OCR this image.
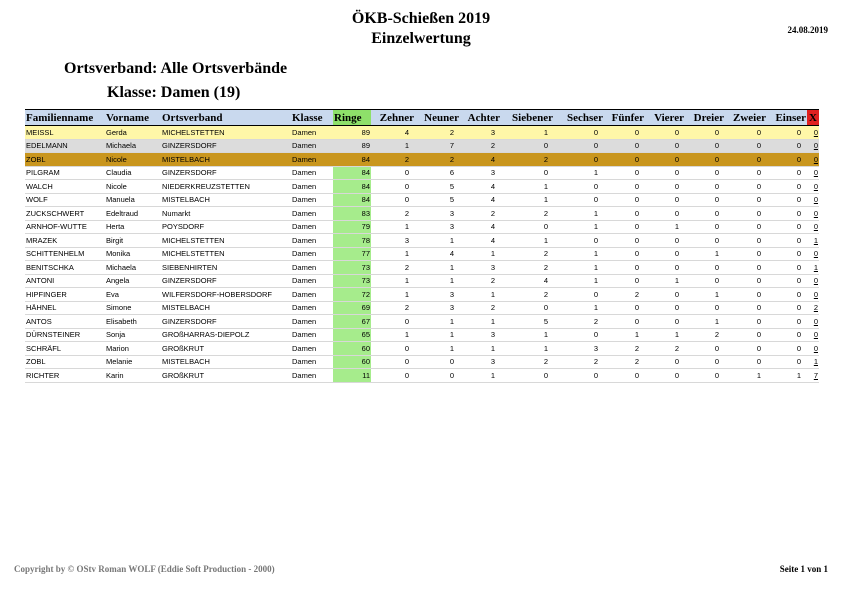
ÖKB-Schießen 2019
Einzelwertung	24.08.2019
Ortsverband: Alle Ortsverbände
Klasse: Damen (19)
Familienname	Vorname	Ortsverband	Klasse	Ringe	Zehner	Neuner	Achter	Siebener	Sechser	Fünfer	Vierer	Dreier	Zweier	Einser	X
MEISSL	Gerda	MICHELSTETTEN	Damen	89	4	2	3	1	0	0	0	0	0	0	0
EDELMANN	Michaela	GINZERSDORF	Damen	89	1	7	2	0	0	0	0	0	0	0	0
ZOBL	Nicole	MISTELBACH	Damen	84	2	2	4	2	0	0	0	0	0	0	0
PILGRAM	Claudia	GINZERSDORF	Damen	84	0	6	3	0	1	0	0	0	0	0	0
WALCH	Nicole	NIEDERKREUZSTETTEN	Damen	84	0	5	4	1	0	0	0	0	0	0	0
WOLF	Manuela	MISTELBACH	Damen	84	0	5	4	1	0	0	0	0	0	0	0
ZUCKSCHWERT	Edeltraud	Numarkt	Damen	83	2	3	2	2	1	0	0	0	0	0	0
ARNHOF-WUTTE	Herta	POYSDORF	Damen	79	1	3	4	0	1	0	1	0	0	0	0
MRAZEK	Birgit	MICHELSTETTEN	Damen	78	3	1	4	1	0	0	0	0	0	0	1
SCHITTENHELM	Monika	MICHELSTETTEN	Damen	77	1	4	1	2	1	0	0	1	0	0	0
BENITSCHKA	Michaela	SIEBENHIRTEN	Damen	73	2	1	3	2	1	0	0	0	0	0	1
ANTONI	Angela	GINZERSDORF	Damen	73	1	1	2	4	1	0	1	0	0	0	0
HIPFINGER	Eva	WILFERSDORF-HOBERSDORF	Damen	72	1	3	1	2	0	2	0	1	0	0	0
HÄHNEL	Simone	MISTELBACH	Damen	69	2	3	2	0	1	0	0	0	0	0	2
ANTOS	Elisabeth	GINZERSDORF	Damen	67	0	1	1	5	2	0	0	1	0	0	0
DÜRNSTEINER	Sonja	GROßHARRAS-DIEPOLZ	Damen	65	1	1	3	1	0	1	1	2	0	0	0
SCHRÄFL	Marion	GROßKRUT	Damen	60	0	1	1	1	3	2	2	0	0	0	0
ZOBL	Melanie	MISTELBACH	Damen	60	0	0	3	2	2	2	0	0	0	0	1
RICHTER	Karin	GROßKRUT	Damen	11	0	0	1	0	0	0	0	0	1	1	7
Copyright by © OStv Roman WOLF (Eddie Soft Production - 2000)	Seite 1 von 1
